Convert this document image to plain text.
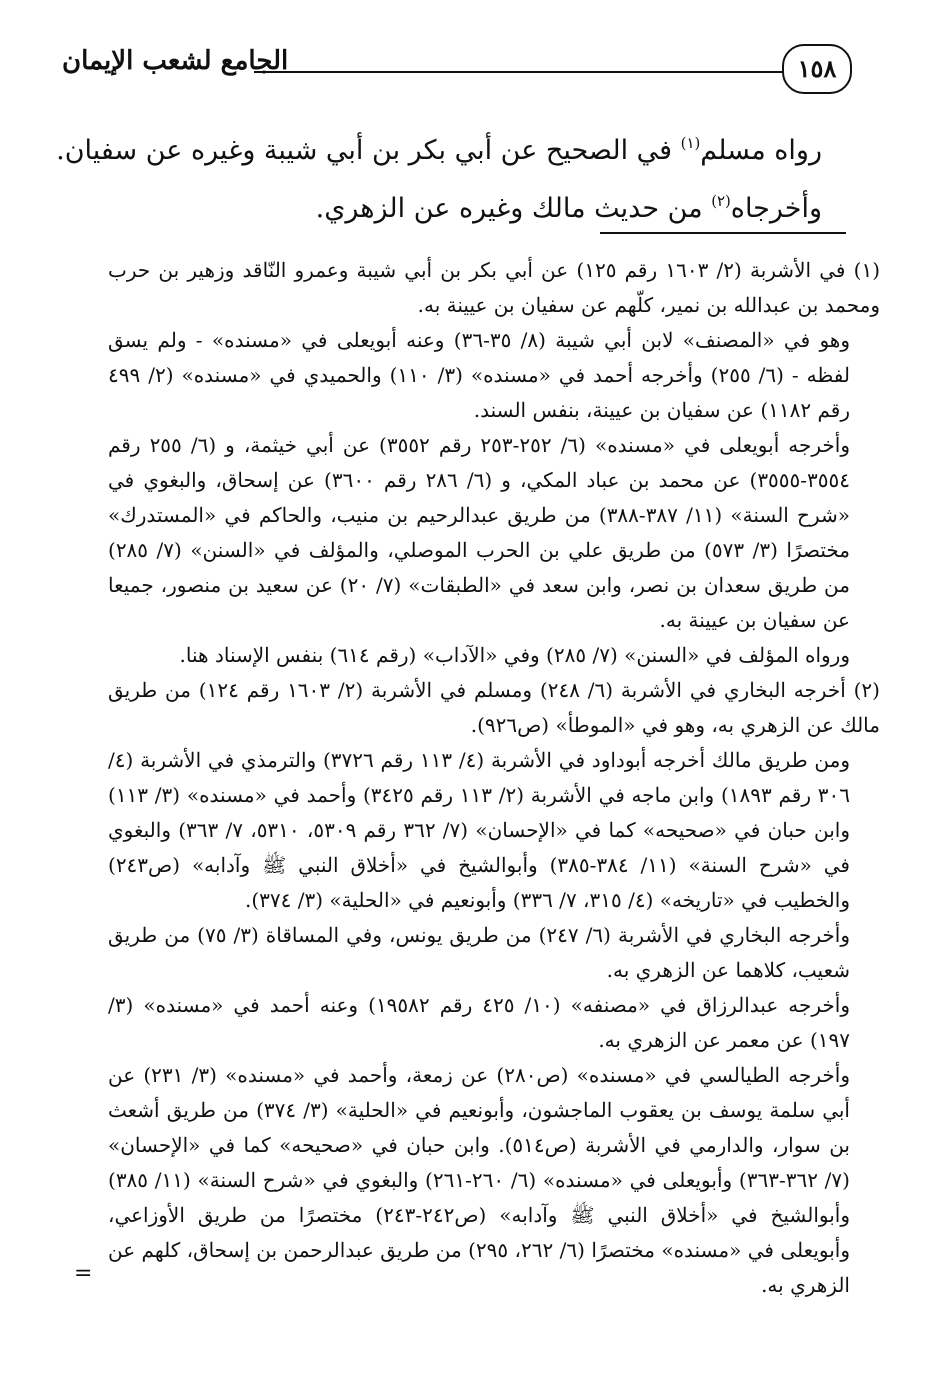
الجامع لشعب الإيمان	١٥٨

رواه مسلم$^{(١)}$ في الصحيح عن أبي بكر بن أبي شيبة وغيره عن سفيان.

وأخرجاه$^{(٢)}$ من حديث مالك وغيره عن الزهري.

(١) في الأشربة (٢/ ١٦٠٣ رقم ١٢٥) عن أبي بكر بن أبي شيبة وعمرو النّاقد وزهير بن حرب ومحمد بن عبدالله بن نمير، كلّهم عن سفيان بن عيينة به.

وهو في «المصنف» لابن أبي شيبة (٨/ ٣٥-٣٦) وعنه أبويعلى في «مسنده» - ولم يسق لفظه - (٦/ ٢٥٥) وأخرجه أحمد في «مسنده» (٣/ ١١٠) والحميدي في «مسنده» (٢/ ٤٩٩ رقم ١١٨٢) عن سفيان بن عيينة، بنفس السند.

وأخرجه أبويعلى في «مسنده» (٦/ ٢٥٢-٢٥٣ رقم ٣٥٥٢) عن أبي خيثمة، و (٦/ ٢٥٥ رقم ٣٥٥٤-٣٥٥٥) عن محمد بن عباد المكي، و (٦/ ٢٨٦ رقم ٣٦٠٠) عن إسحاق، والبغوي في «شرح السنة» (١١/ ٣٨٧-٣٨٨) من طريق عبدالرحيم بن منيب، والحاكم في «المستدرك» مختصرًا (٣/ ٥٧٣) من طريق علي بن الحرب الموصلي، والمؤلف في «السنن» (٧/ ٢٨٥) من طريق سعدان بن نصر، وابن سعد في «الطبقات» (٧/ ٢٠) عن سعيد بن منصور، جميعا عن سفيان بن عيينة به.

ورواه المؤلف في «السنن» (٧/ ٢٨٥) وفي «الآداب» (رقم ٦١٤) بنفس الإسناد هنا.

(٢) أخرجه البخاري في الأشربة (٦/ ٢٤٨) ومسلم في الأشربة (٢/ ١٦٠٣ رقم ١٢٤) من طريق مالك عن الزهري به، وهو في «الموطأ» (ص٩٢٦).

ومن طريق مالك أخرجه أبوداود في الأشربة (٤/ ١١٣ رقم ٣٧٢٦) والترمذي في الأشربة (٤/ ٣٠٦ رقم ١٨٩٣) وابن ماجه في الأشربة (٢/ ١١٣ رقم ٣٤٢٥) وأحمد في «مسنده» (٣/ ١١٣) وابن حبان في «صحيحه» كما في «الإحسان» (٧/ ٣٦٢ رقم ٥٣٠٩، ٥٣١٠، ٧/ ٣٦٣) والبغوي في «شرح السنة» (١١/ ٣٨٤-٣٨٥) وأبوالشيخ في «أخلاق النبي ﷺ وآدابه» (ص٢٤٣) والخطيب في «تاريخه» (٤/ ٣١٥، ٧/ ٣٣٦) وأبونعيم في «الحلية» (٣/ ٣٧٤).

وأخرجه البخاري في الأشربة (٦/ ٢٤٧) من طريق يونس، وفي المساقاة (٣/ ٧٥) من طريق شعيب، كلاهما عن الزهري به.

وأخرجه عبدالرزاق في «مصنفه» (١٠/ ٤٢٥ رقم ١٩٥٨٢) وعنه أحمد في «مسنده» (٣/ ١٩٧) عن معمر عن الزهري به.

وأخرجه الطيالسي في «مسنده» (ص٢٨٠) عن زمعة، وأحمد في «مسنده» (٣/ ٢٣١) عن أبي سلمة يوسف بن يعقوب الماجشون، وأبونعيم في «الحلية» (٣/ ٣٧٤) من طريق أشعث بن سوار، والدارمي في الأشربة (ص٥١٤). وابن حبان في «صحيحه» كما في «الإحسان» (٧/ ٣٦٢-٣٦٣) وأبويعلى في «مسنده» (٦/ ٢٦٠-٢٦١) والبغوي في «شرح السنة» (١١/ ٣٨٥) وأبوالشيخ في «أخلاق النبي ﷺ وآدابه» (ص٢٤٢-٢٤٣) مختصرًا من طريق الأوزاعي، وأبويعلى في «مسنده» مختصرًا (٦/ ٢٦٢، ٢٩٥) من طريق عبدالرحمن بن إسحاق، كلهم عن الزهري به.

=
